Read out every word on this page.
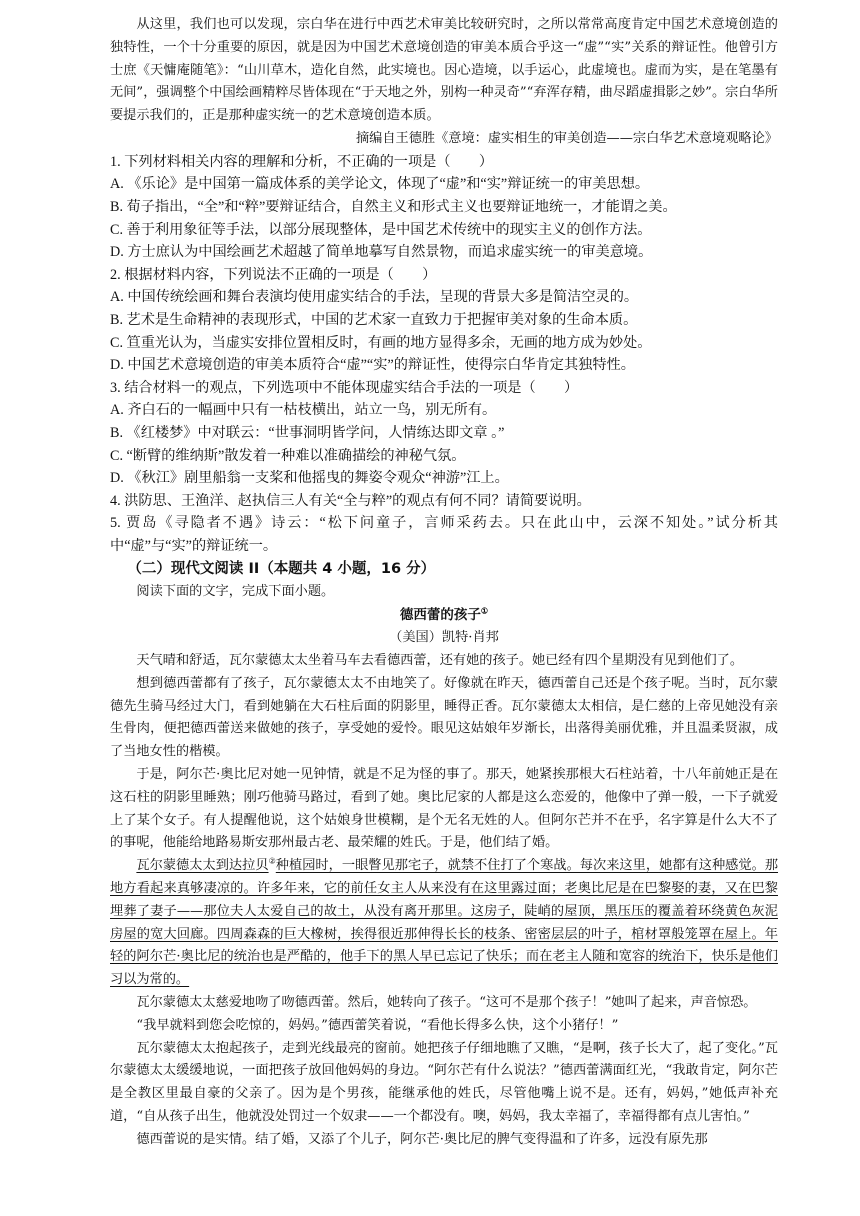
从这里，我们也可以发现，宗白华在进行中西艺术审美比较研究时，之所以常常高度肯定中国艺术意境创造的独特性，一个十分重要的原因，就是因为中国艺术意境创造的审美本质合乎这一“虚”“实”关系的辩证性。他曾引方士庶《天慵庵随笔》：“山川草木，造化自然，此实境也。因心造境，以手运心，此虚境也。虚而为实，是在笔墨有无间”，强调整个中国绘画精粹尽皆体现在“于天地之外，别构一种灵奇”“弃浑存精，曲尽蹈虚揖影之妙”。宗白华所要提示我们的，正是那种虚实统一的艺术意境创造本质。

摘编自王德胜《意境：虚实相生的审美创造——宗白华艺术意境观略论》

1. 下列材料相关内容的理解和分析，不正确的一项是（　　）

A. 《乐论》是中国第一篇成体系的美学论文，体现了“虚”和“实”辩证统一的审美思想。

B. 荀子指出，“全”和“粹”要辩证结合，自然主义和形式主义也要辩证地统一，才能谓之美。

C. 善于利用象征等手法，以部分展现整体，是中国艺术传统中的现实主义的创作方法。

D. 方士庶认为中国绘画艺术超越了简单地摹写自然景物，而追求虚实统一的审美意境。

2. 根据材料内容，下列说法不正确的一项是（　　）

A. 中国传统绘画和舞台表演均使用虚实结合的手法，呈现的背景大多是简洁空灵的。

B. 艺术是生命精神的表现形式，中国的艺术家一直致力于把握审美对象的生命本质。

C. 笪重光认为，当虚实安排位置相反时，有画的地方显得多余，无画的地方成为妙处。

D. 中国艺术意境创造的审美本质符合“虚”“实”的辩证性，使得宗白华肯定其独特性。

3. 结合材料一的观点，下列选项中不能体现虚实结合手法的一项是（　　）

A. 齐白石的一幅画中只有一枯枝横出，站立一鸟，别无所有。

B. 《红楼梦》中对联云：“世事洞明皆学问，人情练达即文章 。”

C. “断臂的维纳斯”散发着一种难以准确描绘的神秘气氛。

D. 《秋江》剧里船翁一支桨和他摇曳的舞姿令观众“神游”江上。

4. 洪防思、王渔洋、赵执信三人有关“全与粹”的观点有何不同？请简要说明。

5. 贾岛《寻隐者不遇》诗云：“松下问童子，言师采药去。只在此山中，云深不知处。”试分析其中“虚”与“实”的辩证统一。

（二）现代文阅读 II（本题共 4 小题，16 分）

阅读下面的文字，完成下面小题。

德西蕾的孩子①

（美国）凯特·肖邦

天气晴和舒适，瓦尔蒙德太太坐着马车去看德西蕾，还有她的孩子。她已经有四个星期没有见到他们了。

想到德西蕾都有了孩子，瓦尔蒙德太太不由地笑了。好像就在昨天，德西蕾自己还是个孩子呢。当时，瓦尔蒙德先生骑马经过大门，看到她躺在大石柱后面的阴影里，睡得正香。瓦尔蒙德太太相信，是仁慈的上帝见她没有亲生骨肉，便把德西蕾送来做她的孩子，享受她的爱怜。眼见这姑娘年岁渐长，出落得美丽优雅，并且温柔贤淑，成了当地女性的楷模。

于是，阿尔芒·奥比尼对她一见钟情，就是不足为怪的事了。那天，她紧挨那根大石柱站着，十八年前她正是在这石柱的阴影里睡熟；刚巧他骑马路过，看到了她。奥比尼家的人都是这么恋爱的，他像中了弹一般，一下子就爱上了某个女子。有人提醒他说，这个姑娘身世模糊，是个无名无姓的人。但阿尔芒并不在乎，名字算是什么大不了的事呢，他能给地路易斯安那州最古老、最荣耀的姓氏。于是，他们结了婚。

瓦尔蒙德太太到达拉贝②种植园时，一眼瞥见那宅子，就禁不住打了个寒战。每次来这里，她都有这种感觉。那地方看起来真够凄凉的。许多年来，它的前任女主人从来没有在这里露过面；老奥比尼是在巴黎娶的妻，又在巴黎埋葬了妻子——那位夫人太爱自己的故土，从没有离开那里。这房子，陡峭的屋顶，黑压压的覆盖着环绕黄色灰泥房屋的宽大回廊。四周森森的巨大橡树，挨得很近那伸得长长的枝条、密密层层的叶子，棺材罩般笼罩在屋上。年轻的阿尔芒·奥比尼的统治也是严酷的，他手下的黑人早已忘记了快乐；而在老主人随和宽容的统治下，快乐是他们习以为常的。

瓦尔蒙德太太慈爱地吻了吻德西蕾。然后，她转向了孩子。“这可不是那个孩子！”她叫了起来，声音惊恐。

“我早就料到您会吃惊的，妈妈。”德西蕾笑着说，“看他长得多么快，这个小猪仔！”

瓦尔蒙德太太抱起孩子，走到光线最亮的窗前。她把孩子仔细地瞧了又瞧，“是啊，孩子长大了，起了变化。”瓦尔蒙德太太缓缓地说，一面把孩子放回他妈妈的身边。“阿尔芒有什么说法？”德西蕾满面红光，“我敢肯定，阿尔芒是全教区里最自豪的父亲了。因为是个男孩，能继承他的姓氏，尽管他嘴上说不是。还有，妈妈，”她低声补充道，“自从孩子出生，他就没处罚过一个奴隶——一个都没有。噢，妈妈，我太幸福了，幸福得都有点儿害怕。”

德西蕾说的是实情。结了婚，又添了个儿子，阿尔芒·奥比尼的脾气变得温和了许多，远没有原先那
